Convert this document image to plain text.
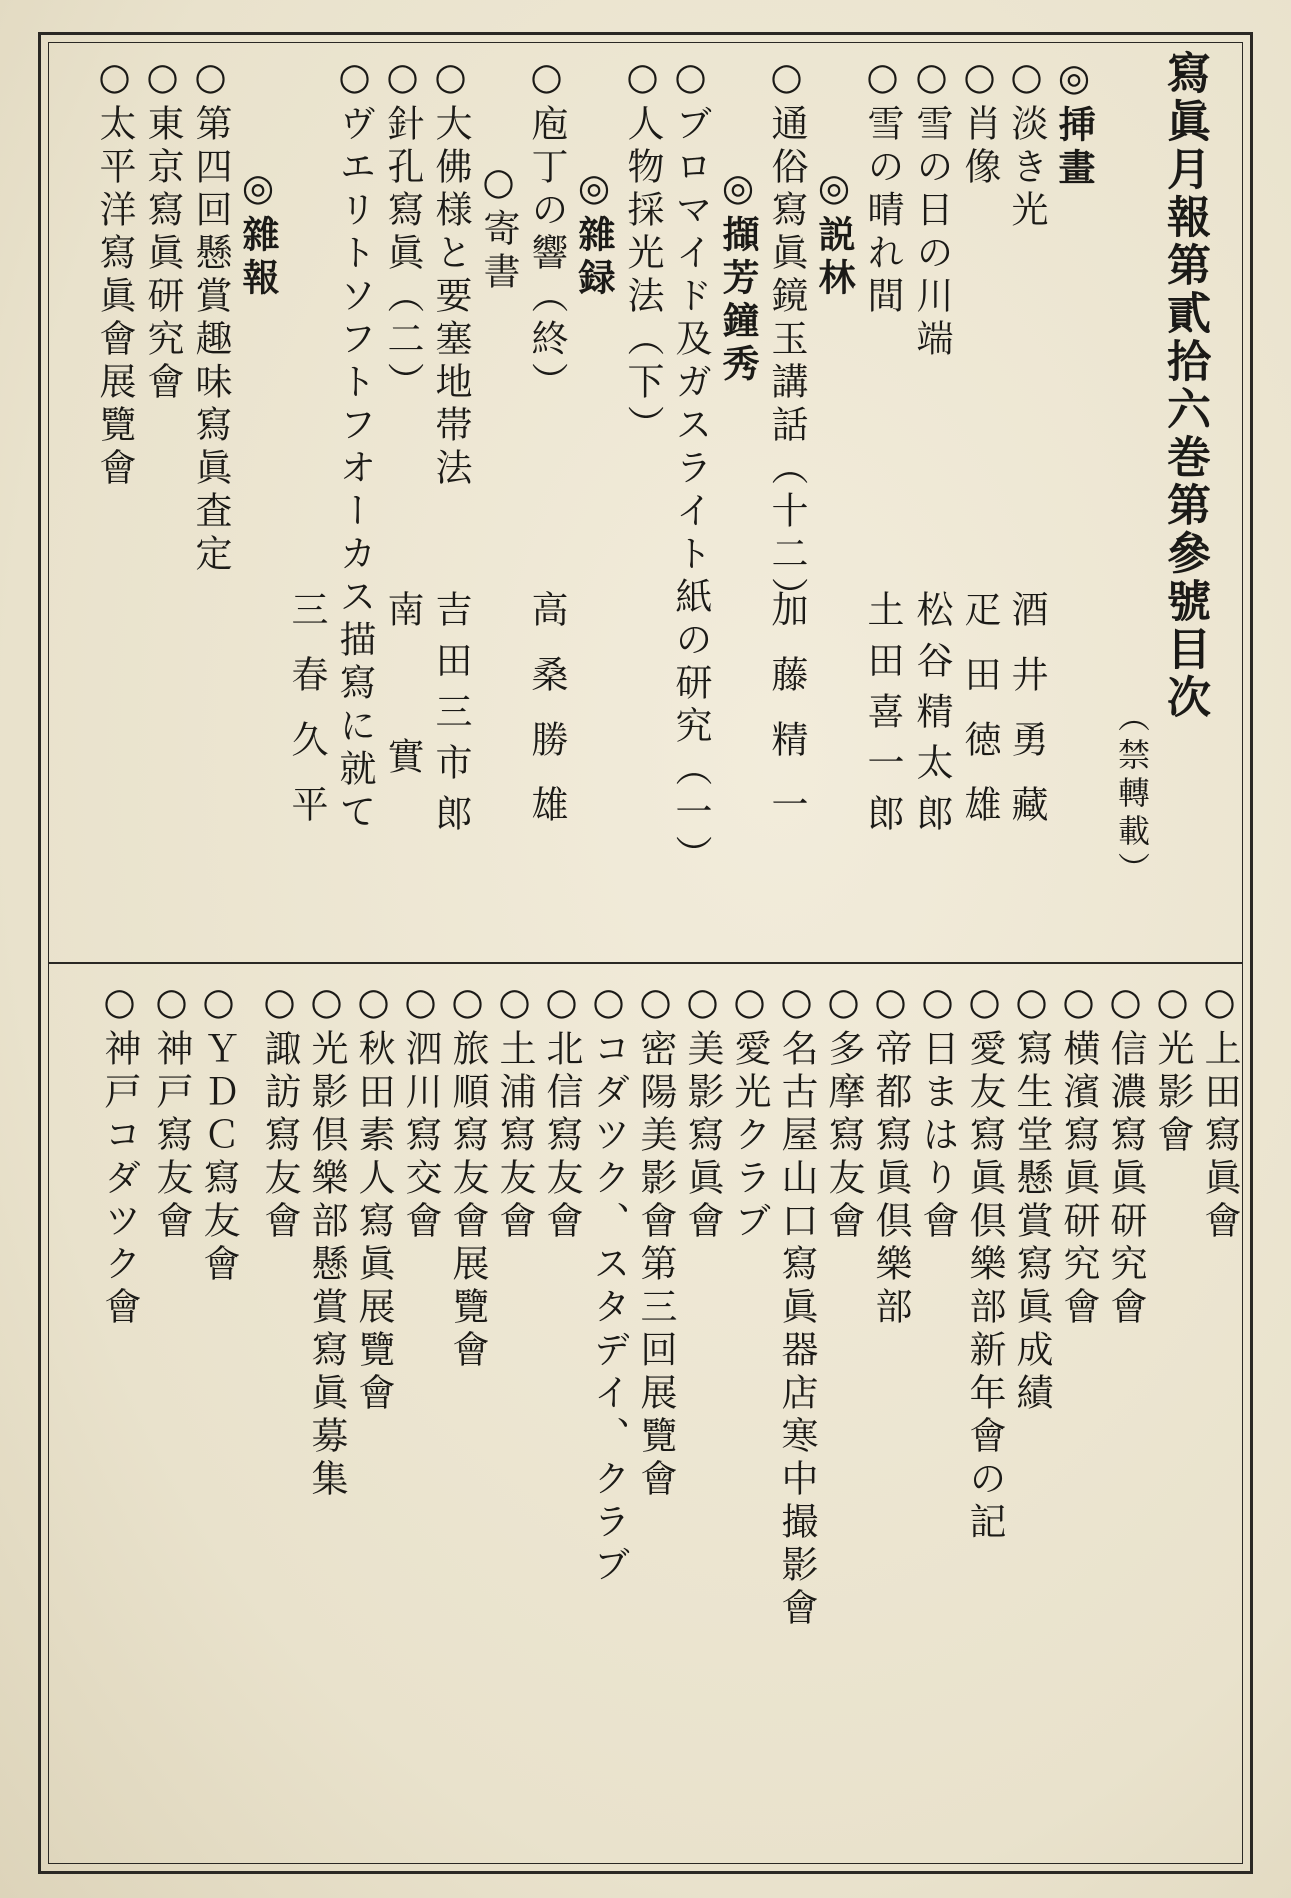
寫眞月報第貳拾六巻第參號目次
（禁轉載）
◎挿畫
○淡き光
○肖像
○雪の日の川端
○雪の晴れ間
◎説林
○通俗寫眞鏡玉講話（十二）
◎擷芳鐘秀
○ブロマイド及ガスライト紙の研究（一）
○人物採光法（下）
◎雜録
○庖丁の響（終）
○寄書
○大佛様と要塞地帯法
○針孔寫眞（二）
○ヴエリトソフトフオーカス描寫に就て
◎雜報
○第四回懸賞趣味寫眞査定
○東京寫眞研究會
○太平洋寫眞會展覽會
酒井勇藏
疋田徳雄
松谷精太郎
土田喜一郎
加藤精一
高桑勝雄
吉田三市郎
南實
三春久平
○上田寫眞會
○光影會
○信濃寫眞研究會
○横濱寫眞研究會
○寫生堂懸賞寫眞成績
○愛友寫眞倶樂部新年會の記
○日まはり會
○帝都寫眞倶樂部
○多摩寫友會
○名古屋山口寫眞器店寒中撮影會
○愛光クラブ
○美影寫眞會
○密陽美影會第三回展覽會
○コダツク、スタデイ、クラブ
○北信寫友會
○土浦寫友會
○旅順寫友會展覽會
○泗川寫交會
○秋田素人寫眞展覽會
○光影倶樂部懸賞寫眞募集
○諏訪寫友會
○ＹＤＣ寫友會
○神戸寫友會
○神戸コダツク會
